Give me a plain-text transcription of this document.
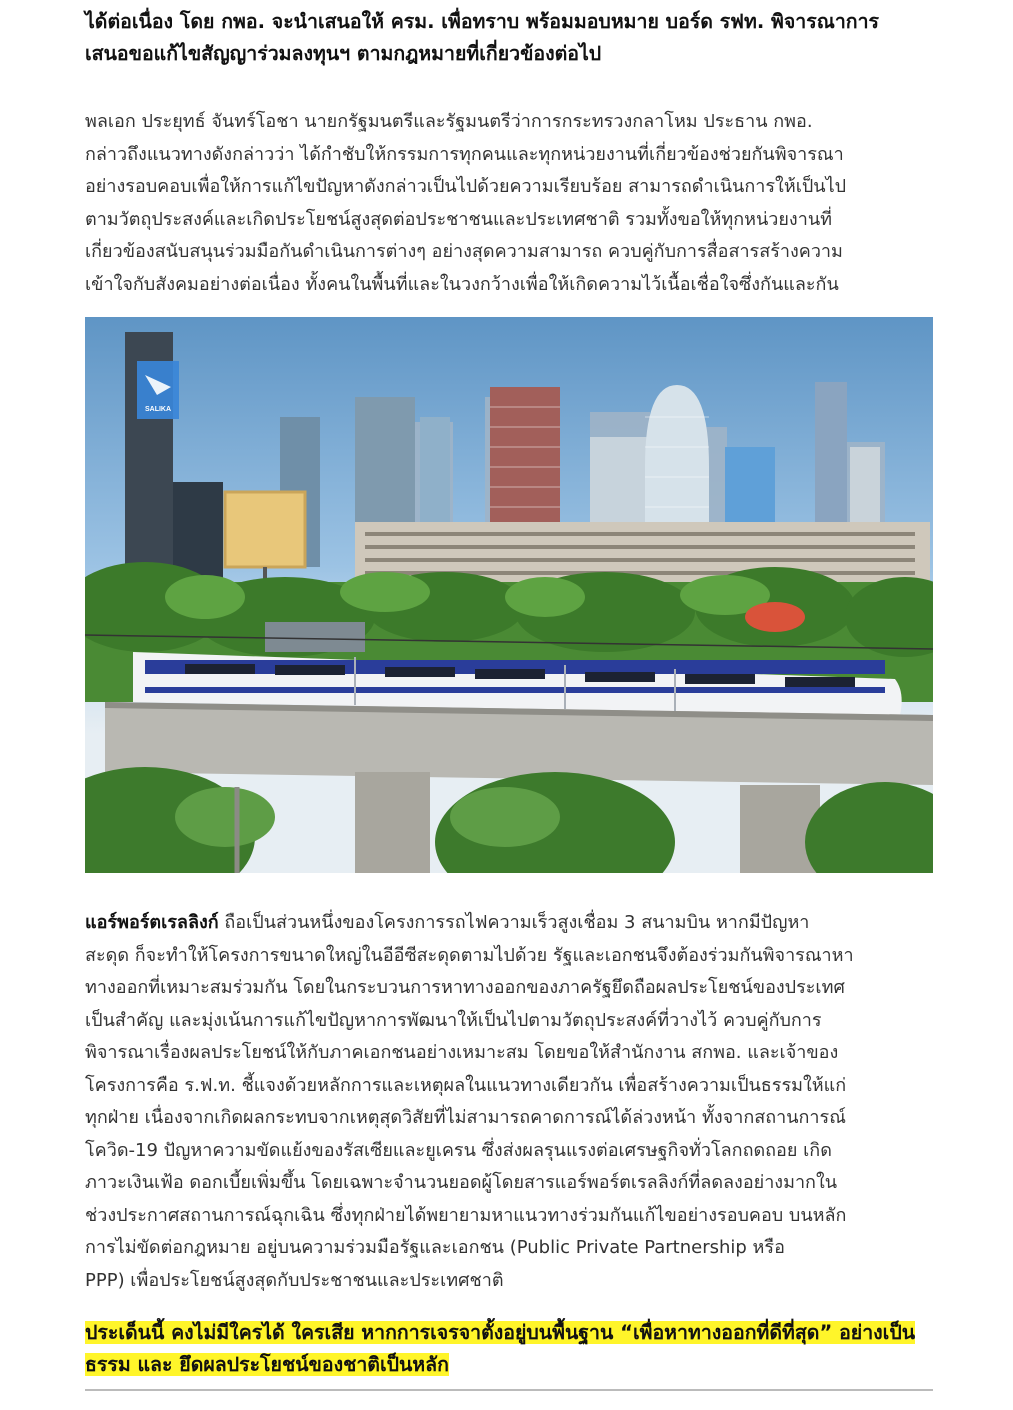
ได้ต่อเนื่อง โดย กพอ. จะนำเสนอให้ ครม. เพื่อทราบ พร้อมมอบหมาย บอร์ด รฟท. พิจารณาการ
เสนอขอแก้ไขสัญญาร่วมลงทุนฯ ตามกฎหมายที่เกี่ยวข้องต่อไป

พลเอก ประยุทธ์ จันทร์โอชา นายกรัฐมนตรีและรัฐมนตรีว่าการกระทรวงกลาโหม ประธาน กพอ.
กล่าวถึงแนวทางดังกล่าวว่า ได้กำชับให้กรรมการทุกคนและทุกหน่วยงานที่เกี่ยวข้องช่วยกันพิจารณา
อย่างรอบคอบเพื่อให้การแก้ไขปัญหาดังกล่าวเป็นไปด้วยความเรียบร้อย สามารถดำเนินการให้เป็นไป
ตามวัตถุประสงค์และเกิดประโยชน์สูงสุดต่อประชาชนและประเทศชาติ รวมทั้งขอให้ทุกหน่วยงานที่
เกี่ยวข้องสนับสนุนร่วมมือกันดำเนินการต่างๆ อย่างสุดความสามารถ ควบคู่กับการสื่อสารสร้างความ
เข้าใจกับสังคมอย่างต่อเนื่อง ทั้งคนในพื้นที่และในวงกว้างเพื่อให้เกิดความไว้เนื้อเชื่อใจซึ่งกันและกัน

SALIKA

แอร์พอร์ตเรลลิงก์ ถือเป็นส่วนหนึ่งของโครงการรถไฟความเร็วสูงเชื่อม 3 สนามบิน หากมีปัญหา
สะดุด ก็จะทำให้โครงการขนาดใหญ่ในอีอีซีสะดุดตามไปด้วย รัฐและเอกชนจึงต้องร่วมกันพิจารณาหา
ทางออกที่เหมาะสมร่วมกัน โดยในกระบวนการหาทางออกของภาครัฐยึดถือผลประโยชน์ของประเทศ
เป็นสำคัญ และมุ่งเน้นการแก้ไขปัญหาการพัฒนาให้เป็นไปตามวัตถุประสงค์ที่วางไว้ ควบคู่กับการ
พิจารณาเรื่องผลประโยชน์ให้กับภาคเอกชนอย่างเหมาะสม โดยขอให้สำนักงาน สกพอ. และเจ้าของ
โครงการคือ ร.ฟ.ท. ชี้แจงด้วยหลักการและเหตุผลในแนวทางเดียวกัน เพื่อสร้างความเป็นธรรมให้แก่
ทุกฝ่าย เนื่องจากเกิดผลกระทบจากเหตุสุดวิสัยที่ไม่สามารถคาดการณ์ได้ล่วงหน้า ทั้งจากสถานการณ์
โควิด-19 ปัญหาความขัดแย้งของรัสเซียและยูเครน ซึ่งส่งผลรุนแรงต่อเศรษฐกิจทั่วโลกถดถอย เกิด
ภาวะเงินเฟ้อ ดอกเบี้ยเพิ่มขึ้น โดยเฉพาะจำนวนยอดผู้โดยสารแอร์พอร์ตเรลลิงก์ที่ลดลงอย่างมากใน
ช่วงประกาศสถานการณ์ฉุกเฉิน ซึ่งทุกฝ่ายได้พยายามหาแนวทางร่วมกันแก้ไขอย่างรอบคอบ บนหลัก
การไม่ขัดต่อกฎหมาย อยู่บนความร่วมมือรัฐและเอกชน (Public Private Partnership หรือ
PPP) เพื่อประโยชน์สูงสุดกับประชาชนและประเทศชาติ

ประเด็นนี้ คงไม่มีใครได้ ใครเสีย หากการเจรจาตั้งอยู่บนพื้นฐาน “เพื่อหาทางออกที่ดีที่สุด” อย่างเป็น
ธรรม และ ยึดผลประโยชน์ของชาติเป็นหลัก
